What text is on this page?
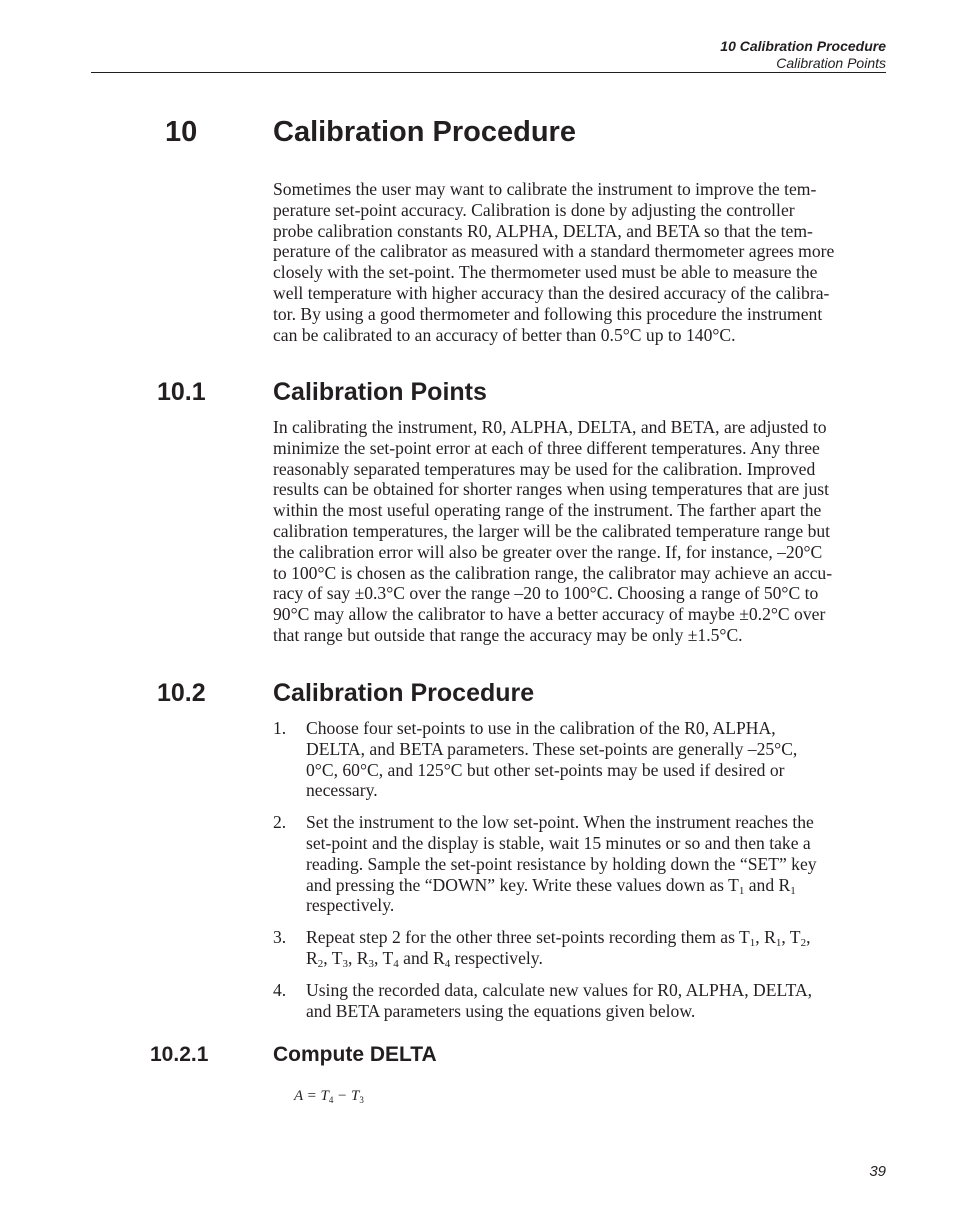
10 Calibration Procedure
Calibration Points
10	Calibration Procedure
Sometimes the user may want to calibrate the instrument to improve the tem-
perature set-point accuracy. Calibration is done by adjusting the controller
probe calibration constants R0, ALPHA, DELTA, and BETA so that the tem-
perature of the calibrator as measured with a standard thermometer agrees more
closely with the set-point. The thermometer used must be able to measure the
well temperature with higher accuracy than the desired accuracy of the calibra-
tor. By using a good thermometer and following this procedure the instrument
can be calibrated to an accuracy of better than 0.5°C up to 140°C.
10.1	Calibration Points
In calibrating the instrument, R0, ALPHA, DELTA, and BETA, are adjusted to
minimize the set-point error at each of three different temperatures. Any three
reasonably separated temperatures may be used for the calibration. Improved
results can be obtained for shorter ranges when using temperatures that are just
within the most useful operating range of the instrument. The farther apart the
calibration temperatures, the larger will be the calibrated temperature range but
the calibration error will also be greater over the range. If, for instance, –20°C
to 100°C is chosen as the calibration range, the calibrator may achieve an accu-
racy of say ±0.3°C over the range –20 to 100°C. Choosing a range of 50°C to
90°C may allow the calibrator to have a better accuracy of maybe ±0.2°C over
that range but outside that range the accuracy may be only ±1.5°C.
10.2	Calibration Procedure
1. Choose four set-points to use in the calibration of the R0, ALPHA,
DELTA, and BETA parameters. These set-points are generally –25°C,
0°C, 60°C, and 125°C but other set-points may be used if desired or
necessary.
2. Set the instrument to the low set-point. When the instrument reaches the
set-point and the display is stable, wait 15 minutes or so and then take a
reading. Sample the set-point resistance by holding down the “SET” key
and pressing the “DOWN” key. Write these values down as $T_1$ and $R_1$
respectively.
3. Repeat step 2 for the other three set-points recording them as $T_1$, $R_1$, $T_2$,
$R_2$, $T_3$, $R_3$, $T_4$ and $R_4$ respectively.
4. Using the recorded data, calculate new values for R0, ALPHA, DELTA,
and BETA parameters using the equations given below.
10.2.1	Compute DELTA
$A = T_4 - T_3$
39
